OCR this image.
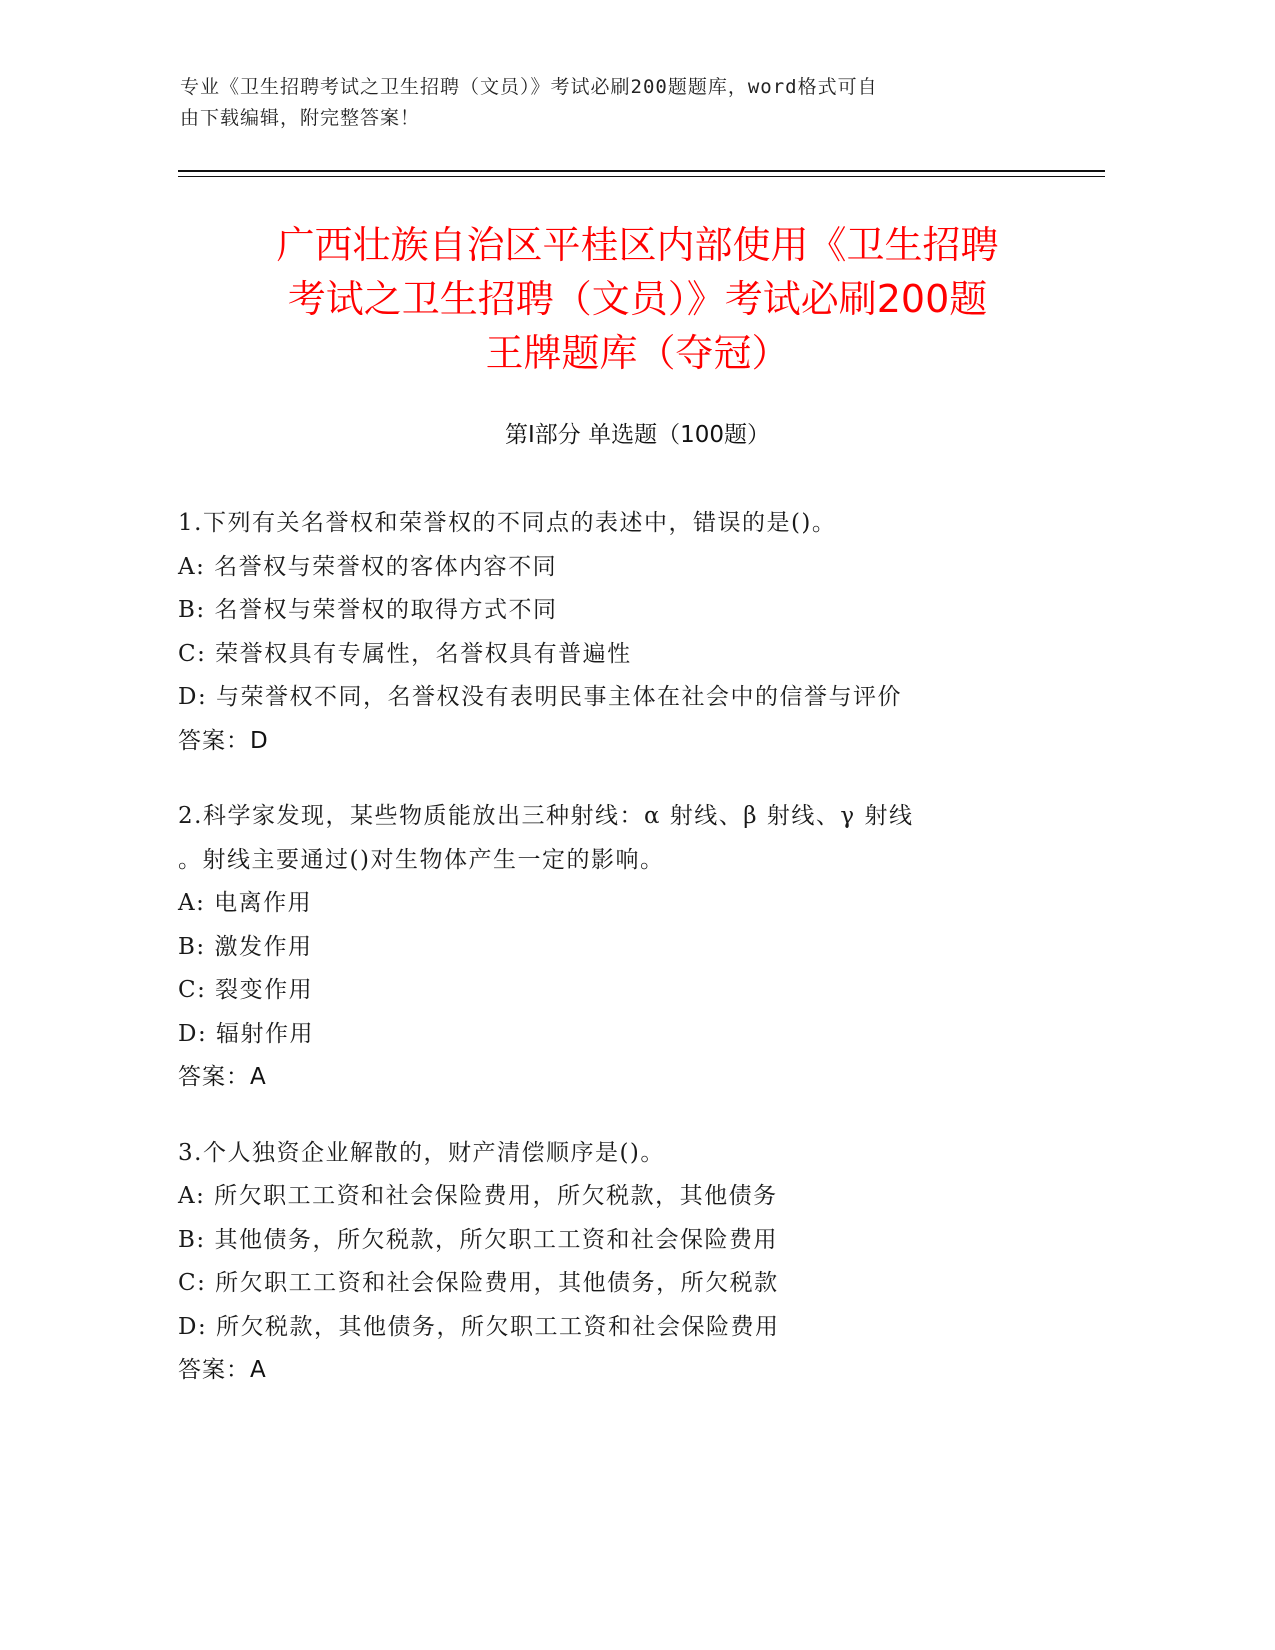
专业《卫生招聘考试之卫生招聘（文员）》考试必刷200题题库，word格式可自
由下载编辑，附完整答案！
广西壮族自治区平桂区内部使用《卫生招聘
考试之卫生招聘（文员）》考试必刷200题
王牌题库（夺冠）
第Ⅰ部分 单选题（100题）
1.下列有关名誉权和荣誉权的不同点的表述中，错误的是()。
A: 名誉权与荣誉权的客体内容不同
B: 名誉权与荣誉权的取得方式不同
C: 荣誉权具有专属性，名誉权具有普遍性
D: 与荣誉权不同，名誉权没有表明民事主体在社会中的信誉与评价
答案：D
2.科学家发现，某些物质能放出三种射线：α 射线、β 射线、γ 射线
。射线主要通过()对生物体产生一定的影响。
A: 电离作用
B: 激发作用
C: 裂变作用
D: 辐射作用
答案：A
3.个人独资企业解散的，财产清偿顺序是()。
A: 所欠职工工资和社会保险费用，所欠税款，其他债务
B: 其他债务，所欠税款，所欠职工工资和社会保险费用
C: 所欠职工工资和社会保险费用，其他债务，所欠税款
D: 所欠税款，其他债务，所欠职工工资和社会保险费用
答案：A
